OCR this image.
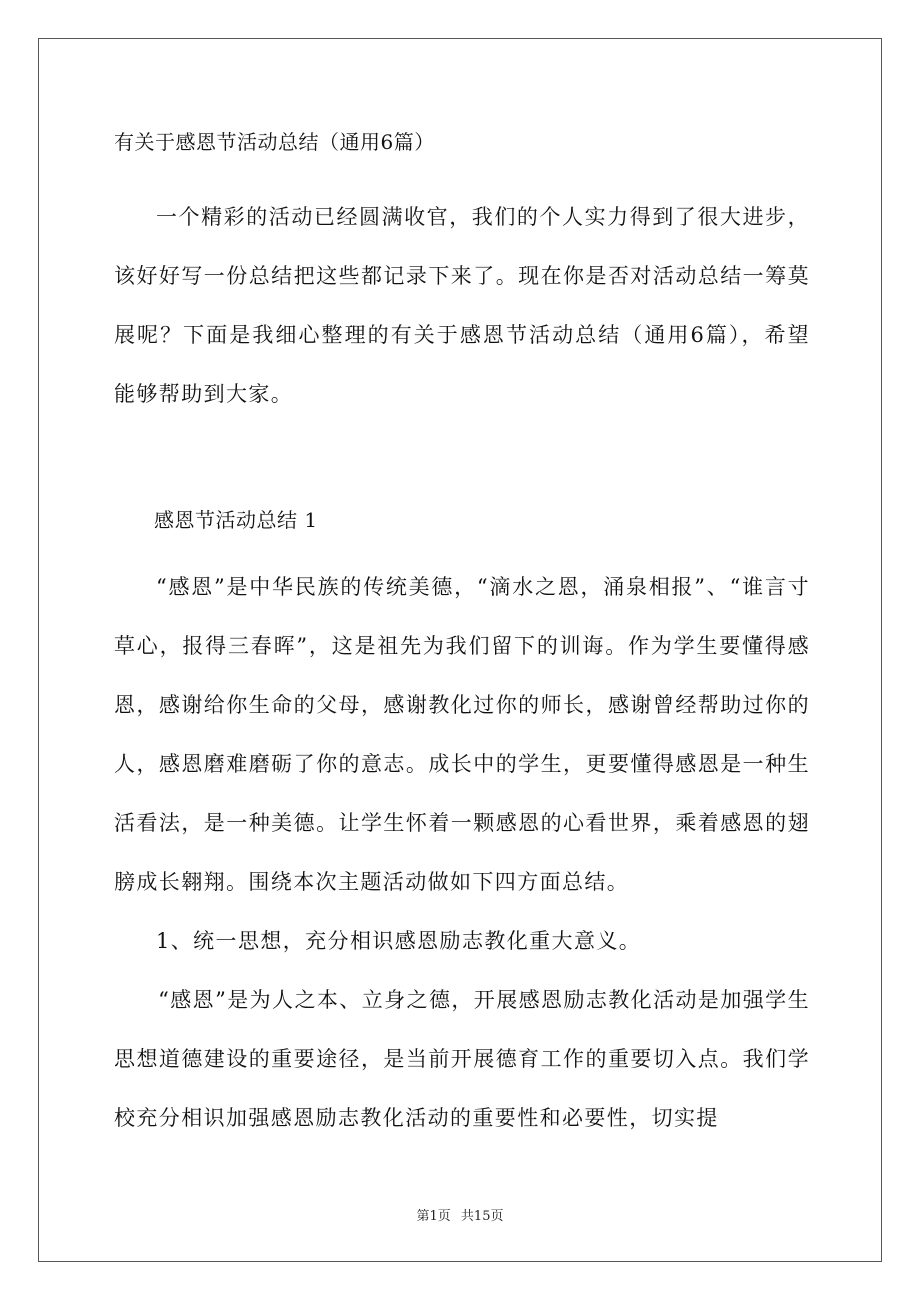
有关于感恩节活动总结（通用6篇）

一个精彩的活动已经圆满收官，我们的个人实力得到了很大进步，该好好写一份总结把这些都记录下来了。现在你是否对活动总结一筹莫展呢？下面是我细心整理的有关于感恩节活动总结（通用6篇），希望能够帮助到大家。

感恩节活动总结 1

“感恩”是中华民族的传统美德，“滴水之恩，涌泉相报”、“谁言寸草心，报得三春晖”，这是祖先为我们留下的训诲。作为学生要懂得感恩，感谢给你生命的父母，感谢教化过你的师长，感谢曾经帮助过你的人，感恩磨难磨砺了你的意志。成长中的学生，更要懂得感恩是一种生活看法，是一种美德。让学生怀着一颗感恩的心看世界，乘着感恩的翅膀成长翱翔。围绕本次主题活动做如下四方面总结。

1、统一思想，充分相识感恩励志教化重大意义。

“感恩”是为人之本、立身之德，开展感恩励志教化活动是加强学生思想道德建设的重要途径，是当前开展德育工作的重要切入点。我们学校充分相识加强感恩励志教化活动的重要性和必要性，切实提

第1页 共15页
